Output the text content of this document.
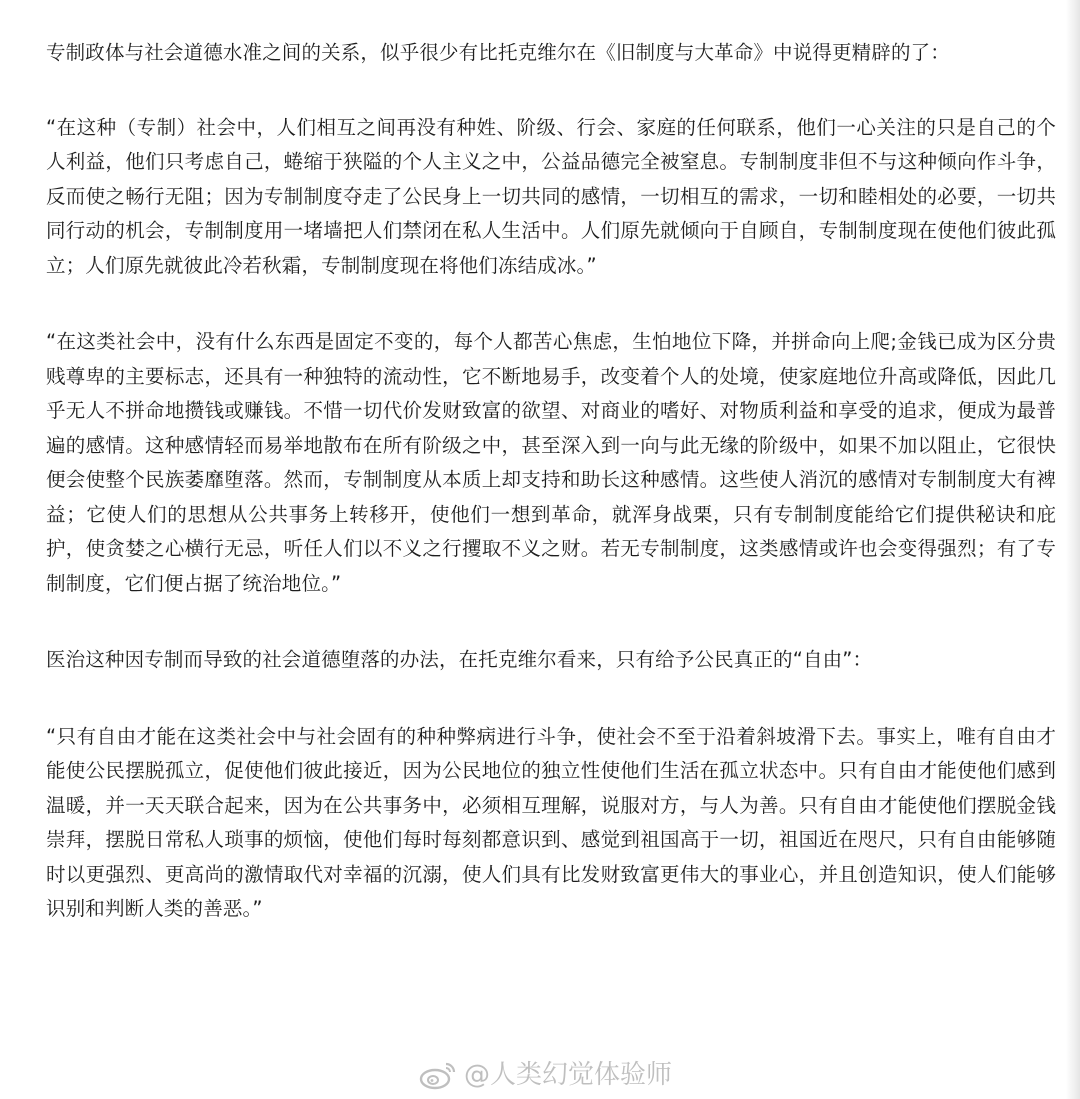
专制政体与社会道德水准之间的关系，似乎很少有比托克维尔在《旧制度与大革命》中说得更精辟的了：

“在这种（专制）社会中，人们相互之间再没有种姓、阶级、行会、家庭的任何联系，他们一心关注的只是自己的个人利益，他们只考虑自己，蜷缩于狭隘的个人主义之中，公益品德完全被窒息。专制制度非但不与这种倾向作斗争，反而使之畅行无阻；因为专制制度夺走了公民身上一切共同的感情，一切相互的需求，一切和睦相处的必要，一切共同行动的机会，专制制度用一堵墙把人们禁闭在私人生活中。人们原先就倾向于自顾自，专制制度现在使他们彼此孤立；人们原先就彼此冷若秋霜，专制制度现在将他们冻结成冰。”

“在这类社会中，没有什么东西是固定不变的，每个人都苦心焦虑，生怕地位下降，并拼命向上爬;金钱已成为区分贵贱尊卑的主要标志，还具有一种独特的流动性，它不断地易手，改变着个人的处境，使家庭地位升高或降低，因此几乎无人不拼命地攒钱或赚钱。不惜一切代价发财致富的欲望、对商业的嗜好、对物质利益和享受的追求，便成为最普遍的感情。这种感情轻而易举地散布在所有阶级之中，甚至深入到一向与此无缘的阶级中，如果不加以阻止，它很快便会使整个民族萎靡堕落。然而，专制制度从本质上却支持和助长这种感情。这些使人消沉的感情对专制制度大有裨益；它使人们的思想从公共事务上转移开，使他们一想到革命，就浑身战栗，只有专制制度能给它们提供秘诀和庇护，使贪婪之心横行无忌，听任人们以不义之行攫取不义之财。若无专制制度，这类感情或许也会变得强烈；有了专制制度，它们便占据了统治地位。”

医治这种因专制而导致的社会道德堕落的办法，在托克维尔看来，只有给予公民真正的“自由”：

“只有自由才能在这类社会中与社会固有的种种弊病进行斗争，使社会不至于沿着斜坡滑下去。事实上，唯有自由才能使公民摆脱孤立，促使他们彼此接近，因为公民地位的独立性使他们生活在孤立状态中。只有自由才能使他们感到温暖，并一天天联合起来，因为在公共事务中，必须相互理解，说服对方，与人为善。只有自由才能使他们摆脱金钱崇拜，摆脱日常私人琐事的烦恼，使他们每时每刻都意识到、感觉到祖国高于一切，祖国近在咫尺，只有自由能够随时以更强烈、更高尚的激情取代对幸福的沉溺，使人们具有比发财致富更伟大的事业心，并且创造知识，使人们能够识别和判断人类的善恶。”

@人类幻觉体验师
